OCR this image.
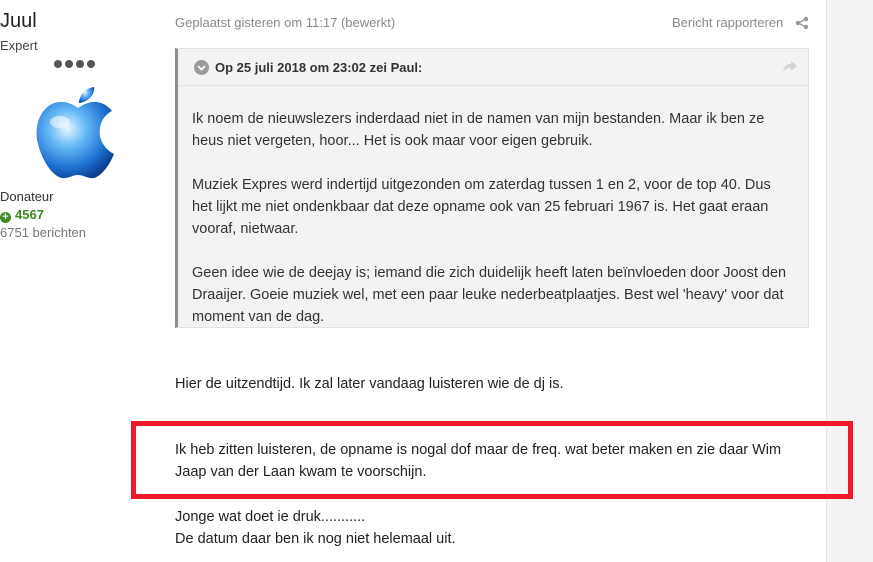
Juul
Expert
Donateur
+ 4567
6751 berichten
Geplaatst gisteren om 11:17 (bewerkt)	Bericht rapporteren
Op 25 juli 2018 om 23:02 zei Paul:

Ik noem de nieuwslezers inderdaad niet in de namen van mijn bestanden. Maar ik ben ze heus niet vergeten, hoor... Het is ook maar voor eigen gebruik.

Muziek Expres werd indertijd uitgezonden om zaterdag tussen 1 en 2, voor de top 40. Dus het lijkt me niet ondenkbaar dat deze opname ook van 25 februari 1967 is. Het gaat eraan vooraf, nietwaar.

Geen idee wie de deejay is; iemand die zich duidelijk heeft laten beïnvloeden door Joost den Draaijer. Goeie muziek wel, met een paar leuke nederbeatplaatjes. Best wel 'heavy' voor dat moment van de dag.

Hier de uitzendtijd. Ik zal later vandaag luisteren wie de dj is.
Ik heb zitten luisteren, de opname is nogal dof maar de freq. wat beter maken en zie daar Wim Jaap van der Laan kwam te voorschijn.
Jonge wat doet ie druk...........
De datum daar ben ik nog niet helemaal uit.
